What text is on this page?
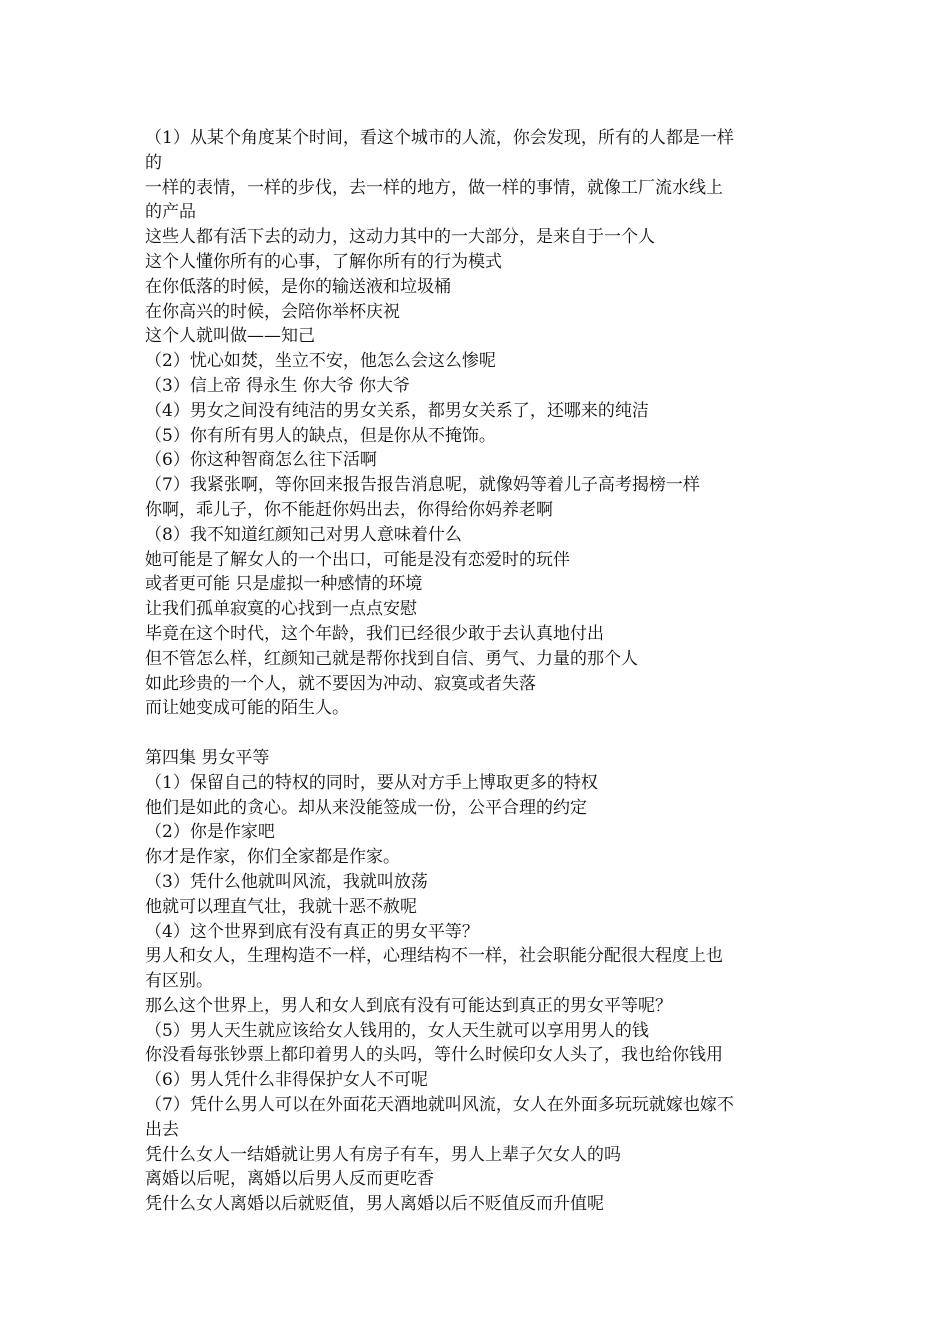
（1）从某个角度某个时间，看这个城市的人流，你会发现，所有的人都是一样
的
一样的表情，一样的步伐，去一样的地方，做一样的事情，就像工厂流水线上
的产品
这些人都有活下去的动力，这动力其中的一大部分，是来自于一个人
这个人懂你所有的心事，了解你所有的行为模式
在你低落的时候，是你的输送液和垃圾桶
在你高兴的时候，会陪你举杯庆祝
这个人就叫做——知己
（2）忧心如焚，坐立不安，他怎么会这么惨呢
（3）信上帝 得永生 你大爷 你大爷
（4）男女之间没有纯洁的男女关系，都男女关系了，还哪来的纯洁
（5）你有所有男人的缺点，但是你从不掩饰。
（6）你这种智商怎么往下活啊
（7）我紧张啊，等你回来报告报告消息呢，就像妈等着儿子高考揭榜一样
你啊，乖儿子，你不能赶你妈出去，你得给你妈养老啊
（8）我不知道红颜知己对男人意味着什么
她可能是了解女人的一个出口，可能是没有恋爱时的玩伴
或者更可能 只是虚拟一种感情的环境
让我们孤单寂寞的心找到一点点安慰
毕竟在这个时代，这个年龄，我们已经很少敢于去认真地付出
但不管怎么样，红颜知己就是帮你找到自信、勇气、力量的那个人
如此珍贵的一个人，就不要因为冲动、寂寞或者失落
而让她变成可能的陌生人。
第四集 男女平等
（1）保留自己的特权的同时，要从对方手上博取更多的特权
他们是如此的贪心。却从来没能签成一份，公平合理的约定
（2）你是作家吧
你才是作家，你们全家都是作家。
（3）凭什么他就叫风流，我就叫放荡
他就可以理直气壮，我就十恶不赦呢
（4）这个世界到底有没有真正的男女平等？
男人和女人，生理构造不一样，心理结构不一样，社会职能分配很大程度上也
有区别。
那么这个世界上，男人和女人到底有没有可能达到真正的男女平等呢？
（5）男人天生就应该给女人钱用的，女人天生就可以享用男人的钱
你没看每张钞票上都印着男人的头吗，等什么时候印女人头了，我也给你钱用
（6）男人凭什么非得保护女人不可呢
（7）凭什么男人可以在外面花天酒地就叫风流，女人在外面多玩玩就嫁也嫁不
出去
凭什么女人一结婚就让男人有房子有车，男人上辈子欠女人的吗
离婚以后呢，离婚以后男人反而更吃香
凭什么女人离婚以后就贬值，男人离婚以后不贬值反而升值呢
